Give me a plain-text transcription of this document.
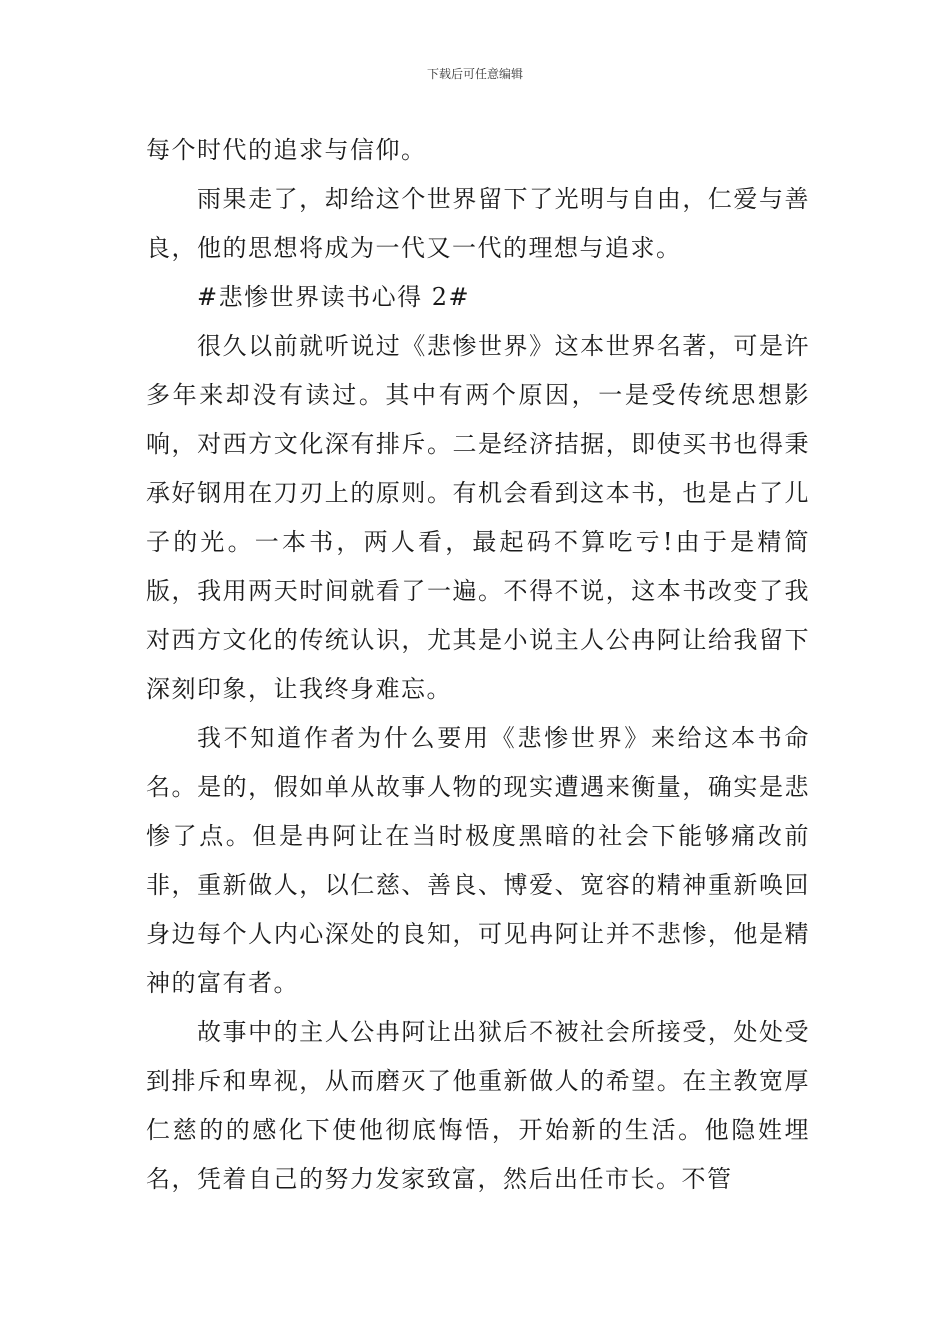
下载后可任意编辑

每个时代的追求与信仰。

雨果走了，却给这个世界留下了光明与自由，仁爱与善良，他的思想将成为一代又一代的理想与追求。

#悲惨世界读书心得 2#

很久以前就听说过《悲惨世界》这本世界名著，可是许多年来却没有读过。其中有两个原因，一是受传统思想影响，对西方文化深有排斥。二是经济拮据，即使买书也得秉承好钢用在刀刃上的原则。有机会看到这本书，也是占了儿子的光。一本书，两人看，最起码不算吃亏!由于是精简版，我用两天时间就看了一遍。不得不说，这本书改变了我对西方文化的传统认识，尤其是小说主人公冉阿让给我留下深刻印象，让我终身难忘。

我不知道作者为什么要用《悲惨世界》来给这本书命名。是的，假如单从故事人物的现实遭遇来衡量，确实是悲惨了点。但是冉阿让在当时极度黑暗的社会下能够痛改前非，重新做人，以仁慈、善良、博爱、宽容的精神重新唤回身边每个人内心深处的良知，可见冉阿让并不悲惨，他是精神的富有者。

故事中的主人公冉阿让出狱后不被社会所接受，处处受到排斥和卑视，从而磨灭了他重新做人的希望。在主教宽厚仁慈的的感化下使他彻底悔悟，开始新的生活。他隐姓埋名，凭着自己的努力发家致富，然后出任市长。不管
